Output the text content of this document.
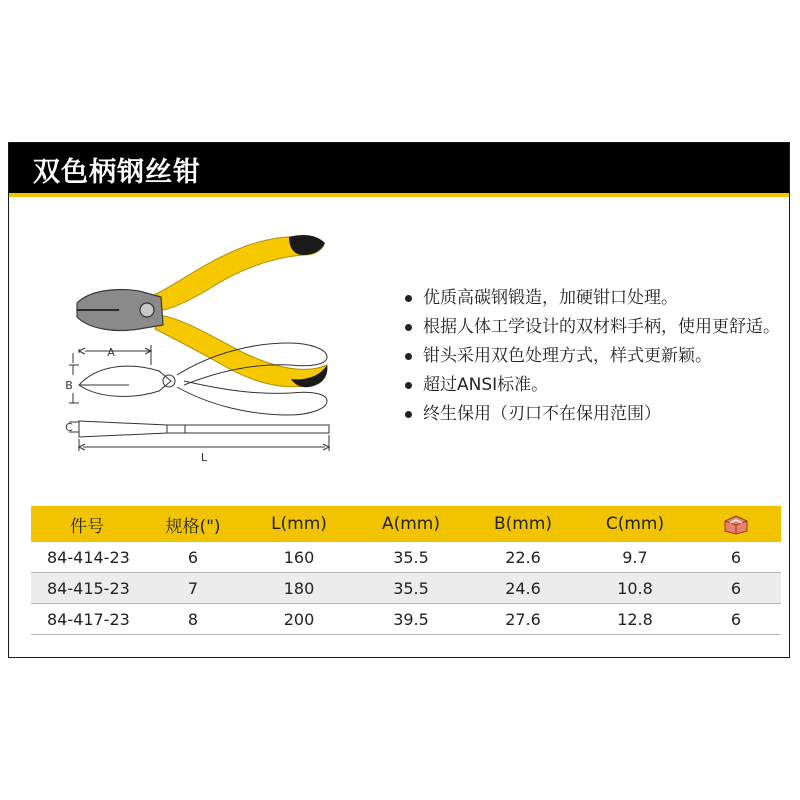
双色柄钢丝钳
A
B
C
L
优质高碳钢锻造，加硬钳口处理。
根据人体工学设计的双材料手柄，使用更舒适。
钳头采用双色处理方式，样式更新颖。
超过ANSI标准。
终生保用（刃口不在保用范围）
件号	规格(")	L(mm)	A(mm)	B(mm)	C(mm)	
84-414-23	6	160	35.5	22.6	9.7	6
84-415-23	7	180	35.5	24.6	10.8	6
84-417-23	8	200	39.5	27.6	12.8	6
